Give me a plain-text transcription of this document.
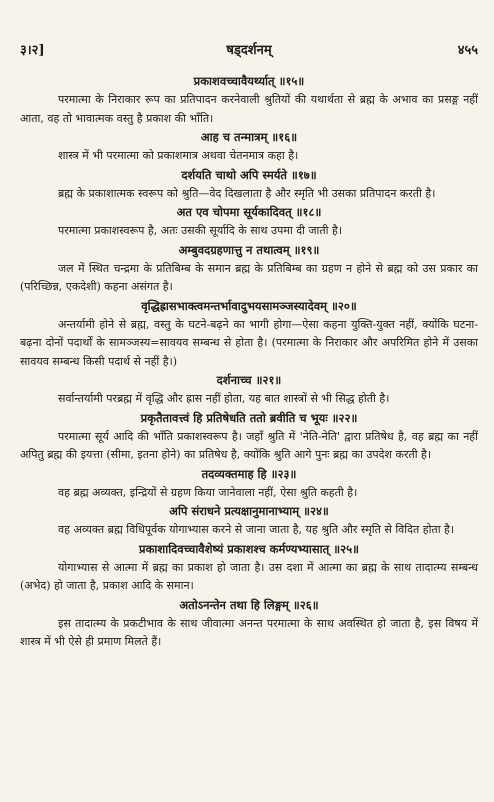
३।२]	षड्दर्शनम्	४५५

प्रकाशवच्चावैयर्थ्यात् ॥१५॥

परमात्मा के निराकार रूप का प्रतिपादन करनेवाली श्रुतियों की यथार्थता से ब्रह्म के अभाव का प्रसङ्ग नहीं आता, वह तो भावात्मक वस्तु है प्रकाश की भाँति।

आह च तन्मात्रम् ॥१६॥

शास्त्र में भी परमात्मा को प्रकाशमात्र अथवा चेतनमात्र कहा है।

दर्शयति चाथो अपि स्मर्यते ॥१७॥

ब्रह्म के प्रकाशात्मक स्वरूप को श्रुति—वेद दिखलाता है और स्मृति भी उसका प्रतिपादन करती है।

अत एव चोपमा सूर्यकादिवत् ॥१८॥

परमात्मा प्रकाशस्वरूप है, अतः उसकी सूर्यादि के साथ उपमा दी जाती है।

अम्बुवदग्रहणात्तु न तथात्वम् ॥१९॥

जल में स्थित चन्द्रमा के प्रतिबिम्ब के समान ब्रह्म के प्रतिबिम्ब का ग्रहण न होने से ब्रह्म को उस प्रकार का (परिच्छिन्न, एकदेशी) कहना असंगत है।

वृद्धिह्रासभाक्त्वमन्तर्भावादुभयसामञ्जस्यादेवम् ॥२०॥

अन्तर्यामी होने से ब्रह्म, वस्तु के घटने-बढ़ने का भागी होगा—ऐसा कहना युक्ति-युक्त नहीं, क्योंकि घटना-बढ़ना दोनों पदार्थों के सामञ्जस्य=सावयव सम्बन्ध से होता है। (परमात्मा के निराकार और अपरिमित होने में उसका सावयव सम्बन्ध किसी पदार्थ से नहीं है।)

दर्शनाच्च ॥२१॥

सर्वान्तर्यामी परब्रह्म में वृद्धि और ह्रास नहीं होता, यह बात शास्त्रों से भी सिद्ध होती है।

प्रकृतैतावत्त्वं हि प्रतिषेधति ततो ब्रवीति च भूयः ॥२२॥

परमात्मा सूर्य आदि की भाँति प्रकाशस्वरूप है। जहाँ श्रुति में 'नेति-नेति' द्वारा प्रतिषेध है, वह ब्रह्म का नहीं अपितु ब्रह्म की इयत्ता (सीमा, इतना होने) का प्रतिषेध है, क्योंकि श्रुति आगे पुनः ब्रह्म का उपदेश करती है।

तदव्यक्तमाह हि ॥२३॥

वह ब्रह्म अव्यक्त, इन्द्रियों से ग्रहण किया जानेवाला नहीं, ऐसा श्रुति कहती है।

अपि संराधने प्रत्यक्षानुमानाभ्याम् ॥२४॥

वह अव्यक्त ब्रह्म विधिपूर्वक योगाभ्यास करने से जाना जाता है, यह श्रुति और स्मृति से विदित होता है।

प्रकाशादिवच्चावैशेष्यं प्रकाशश्च कर्मण्यभ्यासात् ॥२५॥

योगाभ्यास से आत्मा में ब्रह्म का प्रकाश हो जाता है। उस दशा में आत्मा का ब्रह्म के साथ तादात्म्य सम्बन्ध (अभेद) हो जाता है, प्रकाश आदि के समान।

अतोऽनन्तेन तथा हि लिङ्गम् ॥२६॥

इस तादात्म्य के प्रकटीभाव के साथ जीवात्मा अनन्त परमात्मा के साथ अवस्थित हो जाता है, इस विषय में शास्त्र में भी ऐसे ही प्रमाण मिलते हैं।
